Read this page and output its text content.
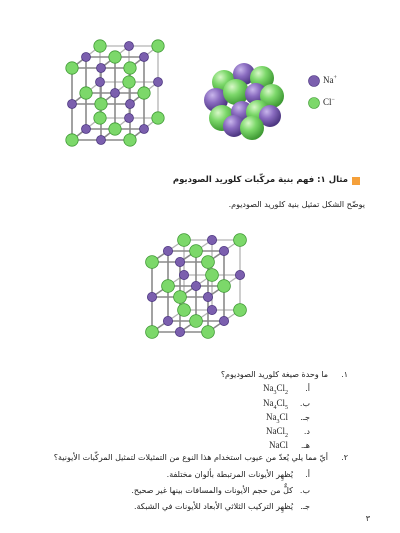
Na+
Cl−
مثال ١: فهم بنية مركّبات كلوريد الصوديوم
يوضّح الشكل تمثيل بنية كلوريد الصوديوم.
١.
ما وحدة صيغة كلوريد الصوديوم؟
أ.
$Na_3Cl_2$
ب.
$Na_4Cl_5$
جـ.
$Na_3Cl$
د.
NaCl$_2$
هـ.
NaCl
٢.
أيّ مما يلي يُعدّ من عيوب استخدام هذا النوع من التمثيلات لتمثيل المركّبات الأيونية؟
أ.
يُظهِر الأيونات المرتبطة بألوان مختلفة.
ب.
كلٌّ من حجم الأيونات والمسافات بينها غير صحيح.
جـ.
يُظهِر التركيب الثلاثي الأبعاد للأيونات في الشبكة.
٣
